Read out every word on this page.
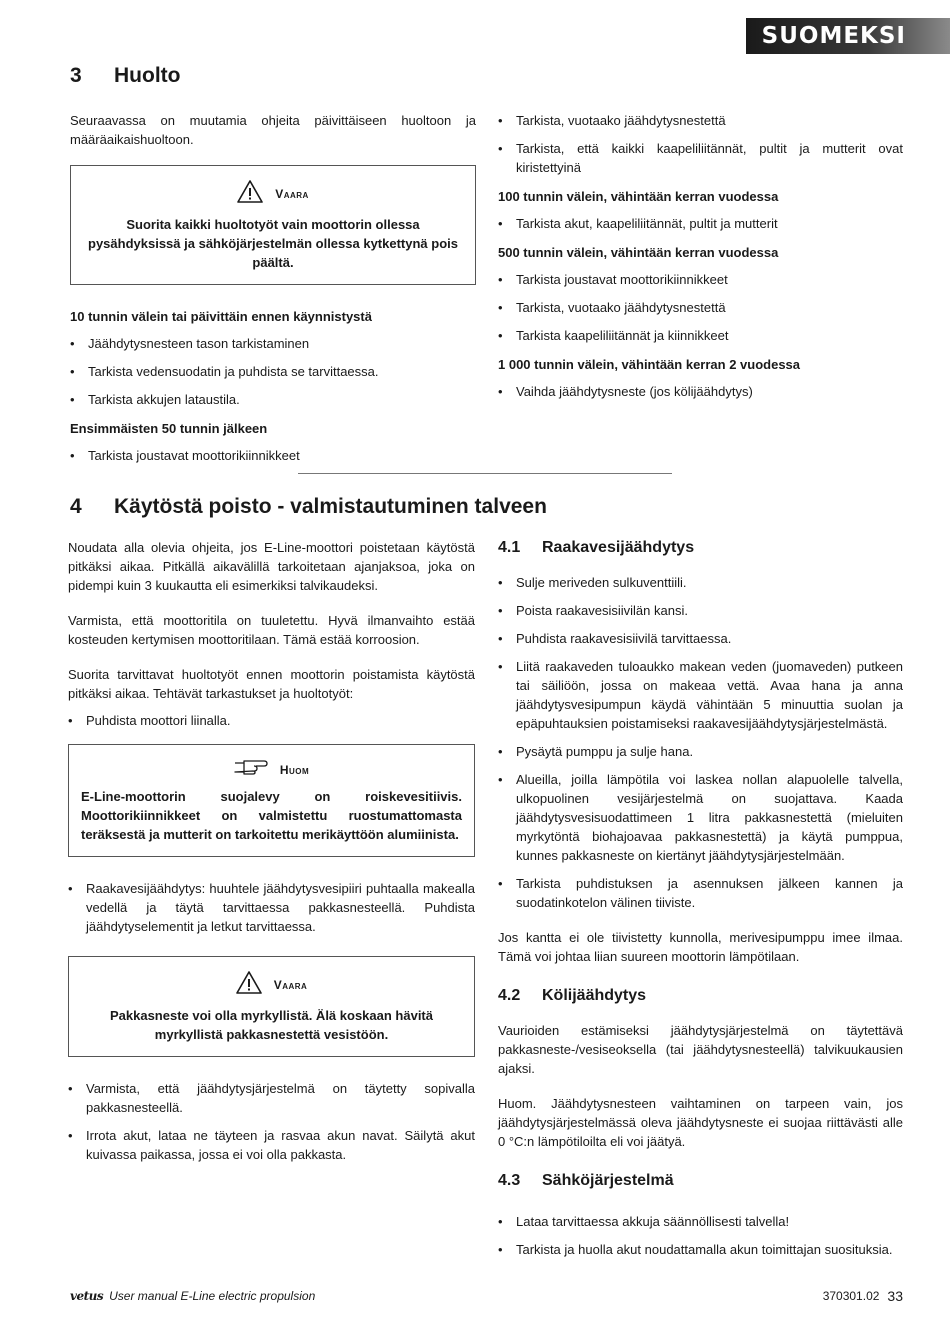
SUOMEKSI
3 Huolto

Seuraavassa on muutamia ohjeita päivittäiseen huoltoon ja määräaikaishuoltoon.

Vaara
Suorita kaikki huoltotyöt vain moottorin ollessa pysähdyksissä ja sähköjärjestelmän ollessa kytkettynä pois päältä.
10 tunnin välein tai päivittäin ennen käynnistystä
• Jäähdytysnesteen tason tarkistaminen
• Tarkista vedensuodatin ja puhdista se tarvittaessa.
• Tarkista akkujen lataustila.
Ensimmäisten 50 tunnin jälkeen
• Tarkista joustavat moottorikiinnikkeet
• Tarkista, vuotaako jäähdytysnestettä
• Tarkista, että kaikki kaapeliliitännät, pultit ja mutterit ovat kiristettyinä
100 tunnin välein, vähintään kerran vuodessa
• Tarkista akut, kaapeliliitännät, pultit ja mutterit
500 tunnin välein, vähintään kerran vuodessa
• Tarkista joustavat moottorikiinnikkeet
• Tarkista, vuotaako jäähdytysnestettä
• Tarkista kaapeliliitännät ja kiinnikkeet
1 000 tunnin välein, vähintään kerran 2 vuodessa
• Vaihda jäähdytysneste (jos kölijäähdytys)
4 Käytöstä poisto - valmistautuminen talveen

Noudata alla olevia ohjeita, jos E-Line-moottori poistetaan käytöstä pitkäksi aikaa. Pitkällä aikavälillä tarkoitetaan ajanjaksoa, joka on pidempi kuin 3 kuukautta eli esimerkiksi talvikaudeksi.

Varmista, että moottoritila on tuuletettu. Hyvä ilmanvaihto estää kosteuden kertymisen moottoritilaan. Tämä estää korroosion.

Suorita tarvittavat huoltotyöt ennen moottorin poistamista käytöstä pitkäksi aikaa. Tehtävät tarkastukset ja huoltotyöt:

• Puhdista moottori liinalla.
Huom
E-Line-moottorin suojalevy on roiskevesitiivis. Moottorikiinnikkeet on valmistettu ruostumattomasta teräksestä ja mutterit on tarkoitettu merikäyttöön alumiinista.
• Raakavesijäähdytys: huuhtele jäähdytysvesipiiri puhtaalla makealla vedellä ja täytä tarvittaessa pakkasnesteellä. Puhdista jäähdytyselementit ja letkut tarvittaessa.
Vaara
Pakkasneste voi olla myrkyllistä. Älä koskaan hävitä myrkyllistä pakkasnestettä vesistöön.
• Varmista, että jäähdytysjärjestelmä on täytetty sopivalla pakkasnesteellä.
• Irrota akut, lataa ne täyteen ja rasvaa akun navat. Säilytä akut kuivassa paikassa, jossa ei voi olla pakkasta.
4.1 Raakavesijäähdytys
• Sulje meriveden sulkuventtiili.
• Poista raakavesisiivilän kansi.
• Puhdista raakavesisiivilä tarvittaessa.
• Liitä raakaveden tuloaukko makean veden (juomaveden) putkeen tai säiliöön, jossa on makeaa vettä. Avaa hana ja anna jäähdytysvesipumpun käydä vähintään 5 minuuttia suolan ja epäpuhtauksien poistamiseksi raakavesijäähdytysjärjestelmästä.
• Pysäytä pumppu ja sulje hana.
• Alueilla, joilla lämpötila voi laskea nollan alapuolelle talvella, ulkopuolinen vesijärjestelmä on suojattava. Kaada jäähdytysvesisuodattimeen 1 litra pakkasnestettä (mieluiten myrkytöntä biohajoavaa pakkasnestettä) ja käytä pumppua, kunnes pakkasneste on kiertänyt jäähdytysjärjestelmään.
• Tarkista puhdistuksen ja asennuksen jälkeen kannen ja suodatinkotelon välinen tiiviste.

Jos kantta ei ole tiivistetty kunnolla, merivesipumppu imee ilmaa. Tämä voi johtaa liian suureen moottorin lämpötilaan.

4.2 Kölijäähdytys

Vaurioiden estämiseksi jäähdytysjärjestelmä on täytettävä pakkasneste-/vesiseoksella (tai jäähdytysnesteellä) talvikuukausien ajaksi.

Huom. Jäähdytysnesteen vaihtaminen on tarpeen vain, jos jäähdytysjärjestelmässä oleva jäähdytysneste ei suojaa riittävästi alle 0 °C:n lämpötiloilta eli voi jäätyä.

4.3 Sähköjärjestelmä
• Lataa tarvittaessa akkuja säännöllisesti talvella!
• Tarkista ja huolla akut noudattamalla akun toimittajan suosituksia.
vetus User manual E-Line electric propulsion	370301.02 33
